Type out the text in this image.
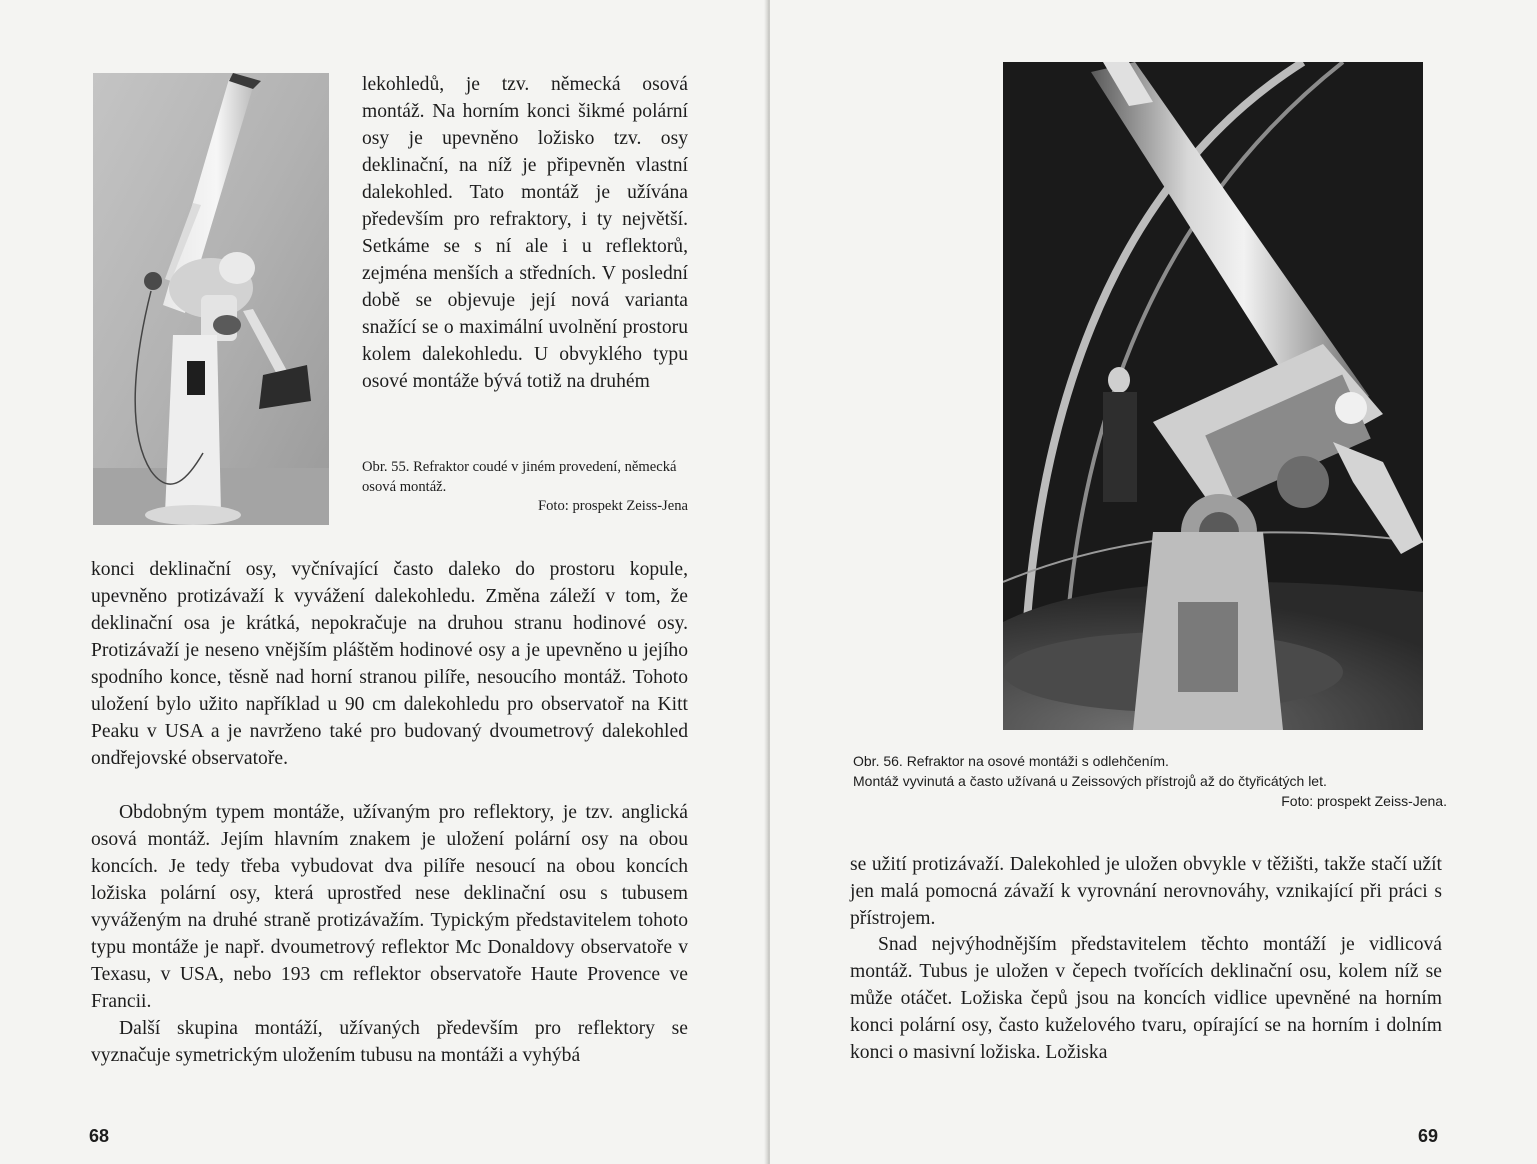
lekohledů, je tzv. německá osová montáž. Na horním konci šikmé polární osy je upevněno ložisko tzv. osy deklinační, na níž je připevněn vlastní dalekohled. Tato montáž je užívána především pro refraktory, i ty největší. Setkáme se s ní ale i u reflektorů, zejména menších a středních. V poslední době se objevuje její nová varianta snažící se o maximální uvolnění prostoru kolem dalekohledu. U obvyklého typu osové montáže bývá totiž na druhém

Obr. 55. Refraktor coudé v jiném provedení, německá osová montáž.
Foto: prospekt Zeiss-Jena

konci deklinační osy, vyčnívající často daleko do prostoru kopule, upevněno protizávaží k vyvážení dalekohledu. Změna záleží v tom, že deklinační osa je krátká, nepokračuje na druhou stranu hodinové osy. Protizávaží je neseno vnějším pláštěm hodinové osy a je upevněno u jejího spodního konce, těsně nad horní stranou pilíře, nesoucího montáž. Tohoto uložení bylo užito například u 90 cm dalekohledu pro observatoř na Kitt Peaku v USA a je navrženo také pro budovaný dvoumetrový dalekohled ondřejovské observatoře.

Obdobným typem montáže, užívaným pro reflektory, je tzv. anglická osová montáž. Jejím hlavním znakem je uložení polární osy na obou koncích. Je tedy třeba vybudovat dva pilíře nesoucí na obou koncích ložiska polární osy, která uprostřed nese deklinační osu s tubusem vyváženým na druhé straně protizávažím. Typickým představitelem tohoto typu montáže je např. dvoumetrový reflektor Mc Donaldovy observatoře v Texasu, v USA, nebo 193 cm reflektor observatoře Haute Provence ve Francii.

Další skupina montáží, užívaných především pro reflektory se vyznačuje symetrickým uložením tubusu na montáži a vyhýbá

68
Obr. 56. Refraktor na osové montáži s odlehčením.
Montáž vyvinutá a často užívaná u Zeissových přístrojů až do čtyřicátých let.
Foto: prospekt Zeiss-Jena.

se užití protizávaží. Dalekohled je uložen obvykle v těžišti, takže stačí užít jen malá pomocná závaží k vyrovnání nerovnováhy, vznikající při práci s přístrojem.

Snad nejvýhodnějším představitelem těchto montáží je vidlicová montáž. Tubus je uložen v čepech tvořících deklinační osu, kolem níž se může otáčet. Ložiska čepů jsou na koncích vidlice upevněné na horním konci polární osy, často kuželového tvaru, opírající se na horním i dolním konci o masivní ložiska. Ložiska

69
